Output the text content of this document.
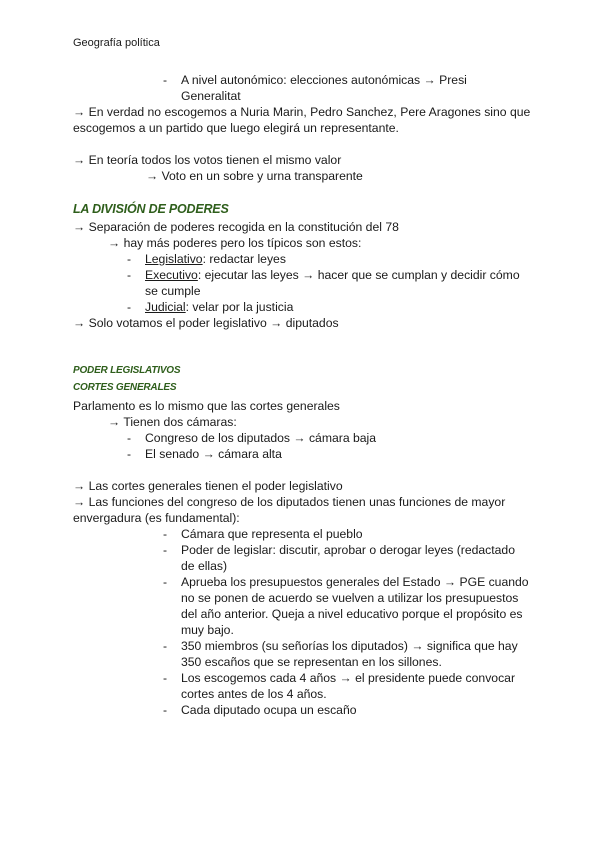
Geografía política
- A nivel autonómico: elecciones autonómicas → Presi
Generalitat
→ En verdad no escogemos a Nuria Marin, Pedro Sanchez, Pere Aragones sino que
escogemos a un partido que luego elegirá un representante.
→ En teoría todos los votos tienen el mismo valor
→ Voto en un sobre y urna transparente
LA DIVISIÓN DE PODERES
→ Separación de poderes recogida en la constitución del 78
→ hay más poderes pero los típicos son estos:
- Legislativo: redactar leyes
- Executivo: ejecutar las leyes → hacer que se cumplan y decidir cómo
se cumple
- Judicial: velar por la justicia
→ Solo votamos el poder legislativo → diputados
PODER LEGISLATIVOS
CORTES GENERALES
Parlamento es lo mismo que las cortes generales
→ Tienen dos cámaras:
- Congreso de los diputados → cámara baja
- El senado → cámara alta
→ Las cortes generales tienen el poder legislativo
→ Las funciones del congreso de los diputados tienen unas funciones de mayor
envergadura (es fundamental):
- Cámara que representa el pueblo
- Poder de legislar: discutir, aprobar o derogar leyes (redactado
de ellas)
- Aprueba los presupuestos generales del Estado → PGE cuando
no se ponen de acuerdo se vuelven a utilizar los presupuestos
del año anterior. Queja a nivel educativo porque el propósito es
muy bajo.
- 350 miembros (su señorías los diputados) → significa que hay
350 escaños que se representan en los sillones.
- Los escogemos cada 4 años → el presidente puede convocar
cortes antes de los 4 años.
- Cada diputado ocupa un escaño
